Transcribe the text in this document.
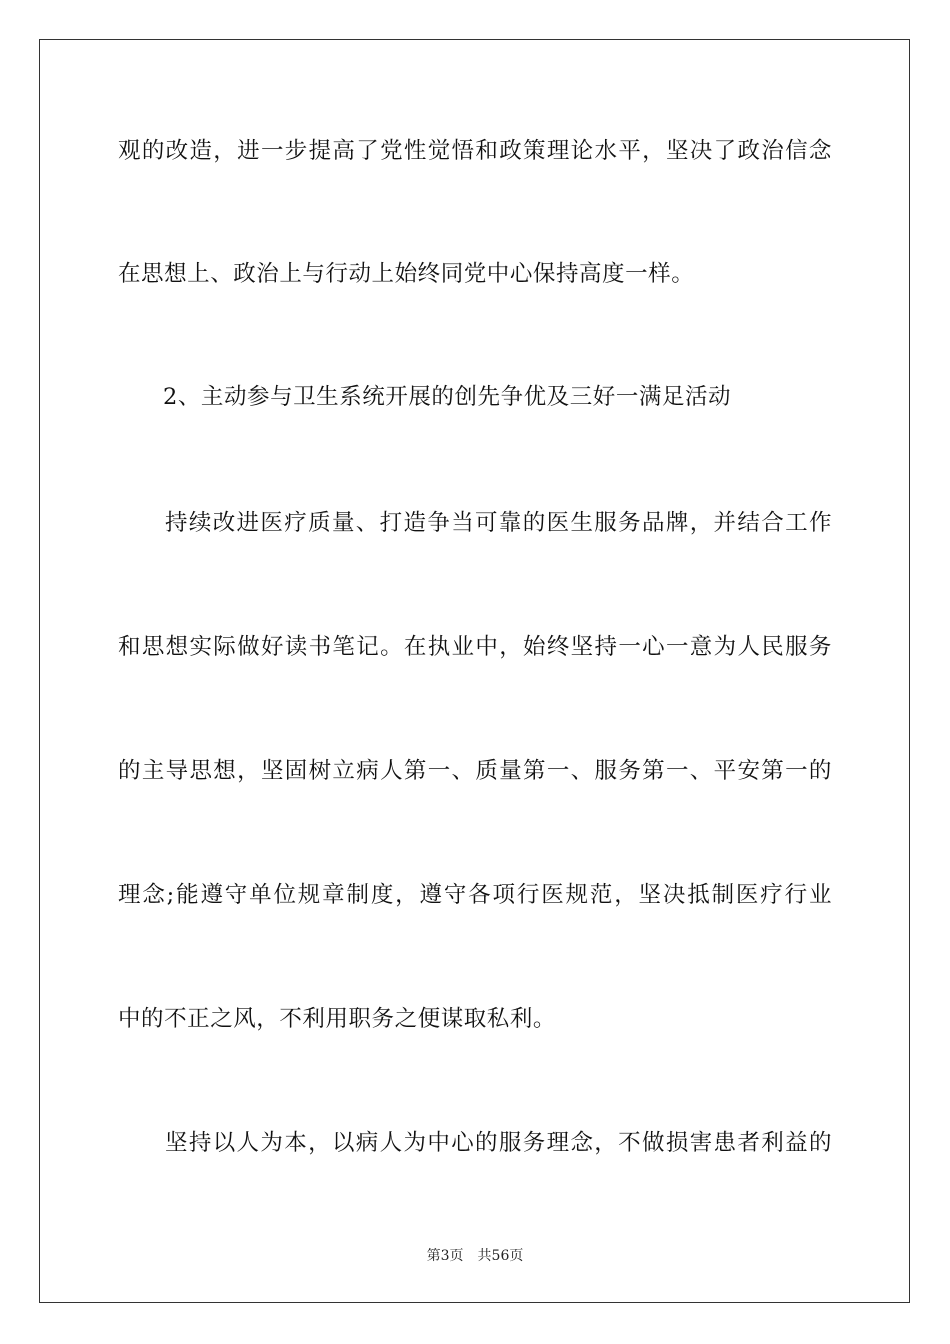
观的改造，进一步提高了党性觉悟和政策理论水平，坚决了政治信念
在思想上、政治上与行动上始终同党中心保持高度一样。
2、主动参与卫生系统开展的创先争优及三好一满足活动
持续改进医疗质量、打造争当可靠的医生服务品牌，并结合工作
和思想实际做好读书笔记。在执业中，始终坚持一心一意为人民服务
的主导思想，坚固树立病人第一、质量第一、服务第一、平安第一的
理念;能遵守单位规章制度，遵守各项行医规范，坚决抵制医疗行业
中的不正之风，不利用职务之便谋取私利。
坚持以人为本，以病人为中心的服务理念，不做损害患者利益的
第3页 共56页
